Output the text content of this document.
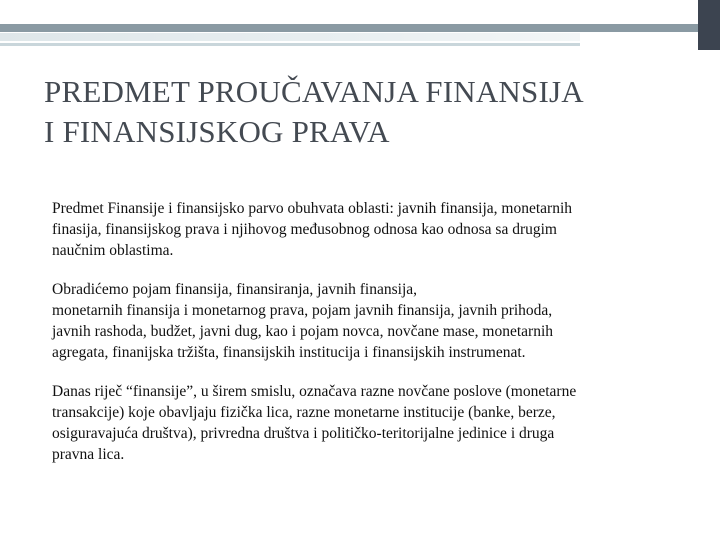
PREDMET PROUČAVANJA FINANSIJA
I FINANSIJSKOG PRAVA

Predmet Finansije i finansijsko parvo obuhvata oblasti: javnih finansija, monetarnih
finasija, finansijskog prava i njihovog međusobnog odnosa kao odnosa sa drugim
naučnim oblastima.

Obradićemo pojam finansija, finansiranja, javnih finansija,
monetarnih finansija i monetarnog prava, pojam javnih finansija, javnih prihoda,
javnih rashoda, budžet, javni dug, kao i pojam novca, novčane mase, monetarnih
agregata, finanijska tržišta, finansijskih institucija i finansijskih instrumenat.

Danas riječ “finansije”, u širem smislu, označava razne novčane poslove (monetarne
transakcije) koje obavljaju fizička lica, razne monetarne institucije (banke, berze,
osiguravajuća društva), privredna društva i političko-teritorijalne jedinice i druga
pravna lica.
